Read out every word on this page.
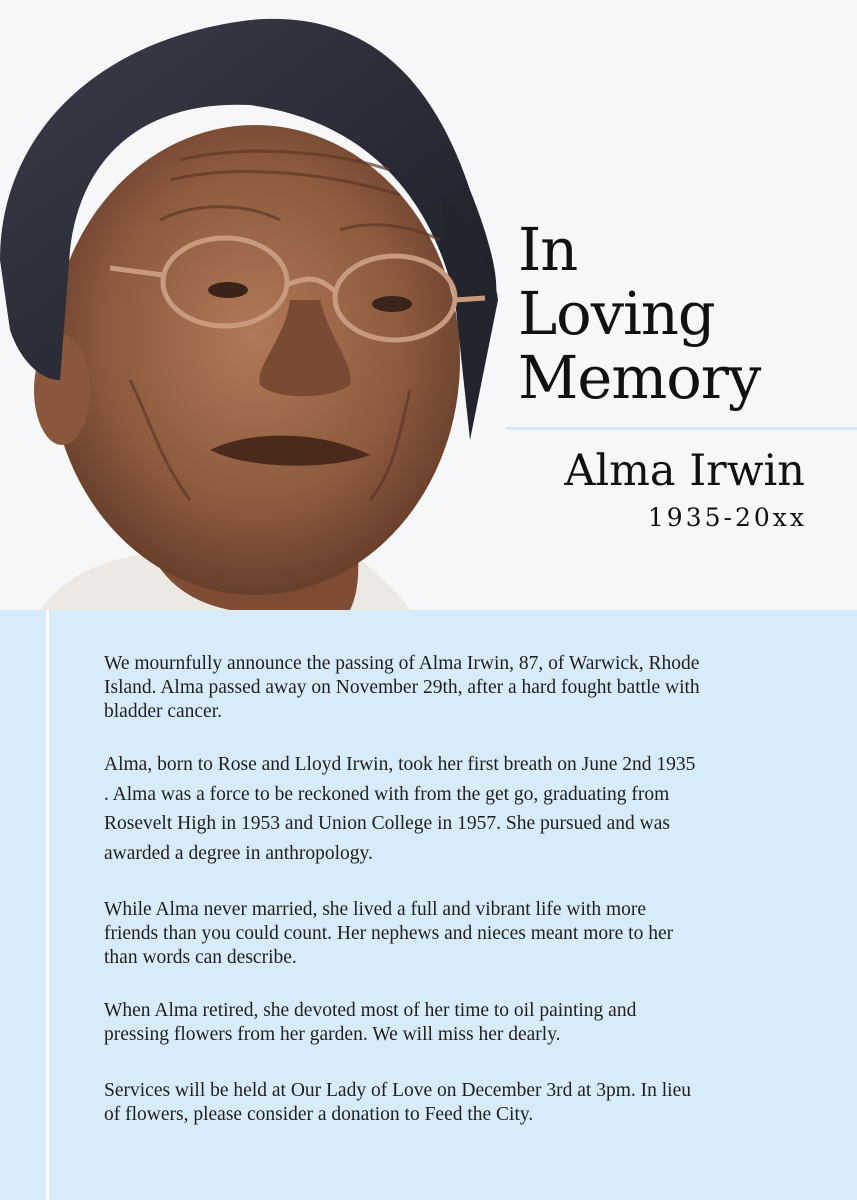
In
Loving
Memory
Alma Irwin
1935-20xx
We mournfully announce the passing of Alma Irwin, 87, of Warwick, Rhode Island. Alma passed away on November 29th, after a hard fought battle with bladder cancer.
Alma, born to Rose and Lloyd Irwin, took her first breath on June 2nd 1935 . Alma was a force to be reckoned with from the get go, graduating from Rosevelt High in 1953 and Union College in 1957. She pursued and was awarded a degree in anthropology.
While Alma never married, she lived a full and vibrant life with more friends than you could count. Her nephews and nieces meant more to her than words can describe.
When Alma retired, she devoted most of her time to oil painting and pressing flowers from her garden. We will miss her dearly.
Services will be held at Our Lady of Love on December 3rd at 3pm. In lieu of flowers, please consider a donation to Feed the City.
